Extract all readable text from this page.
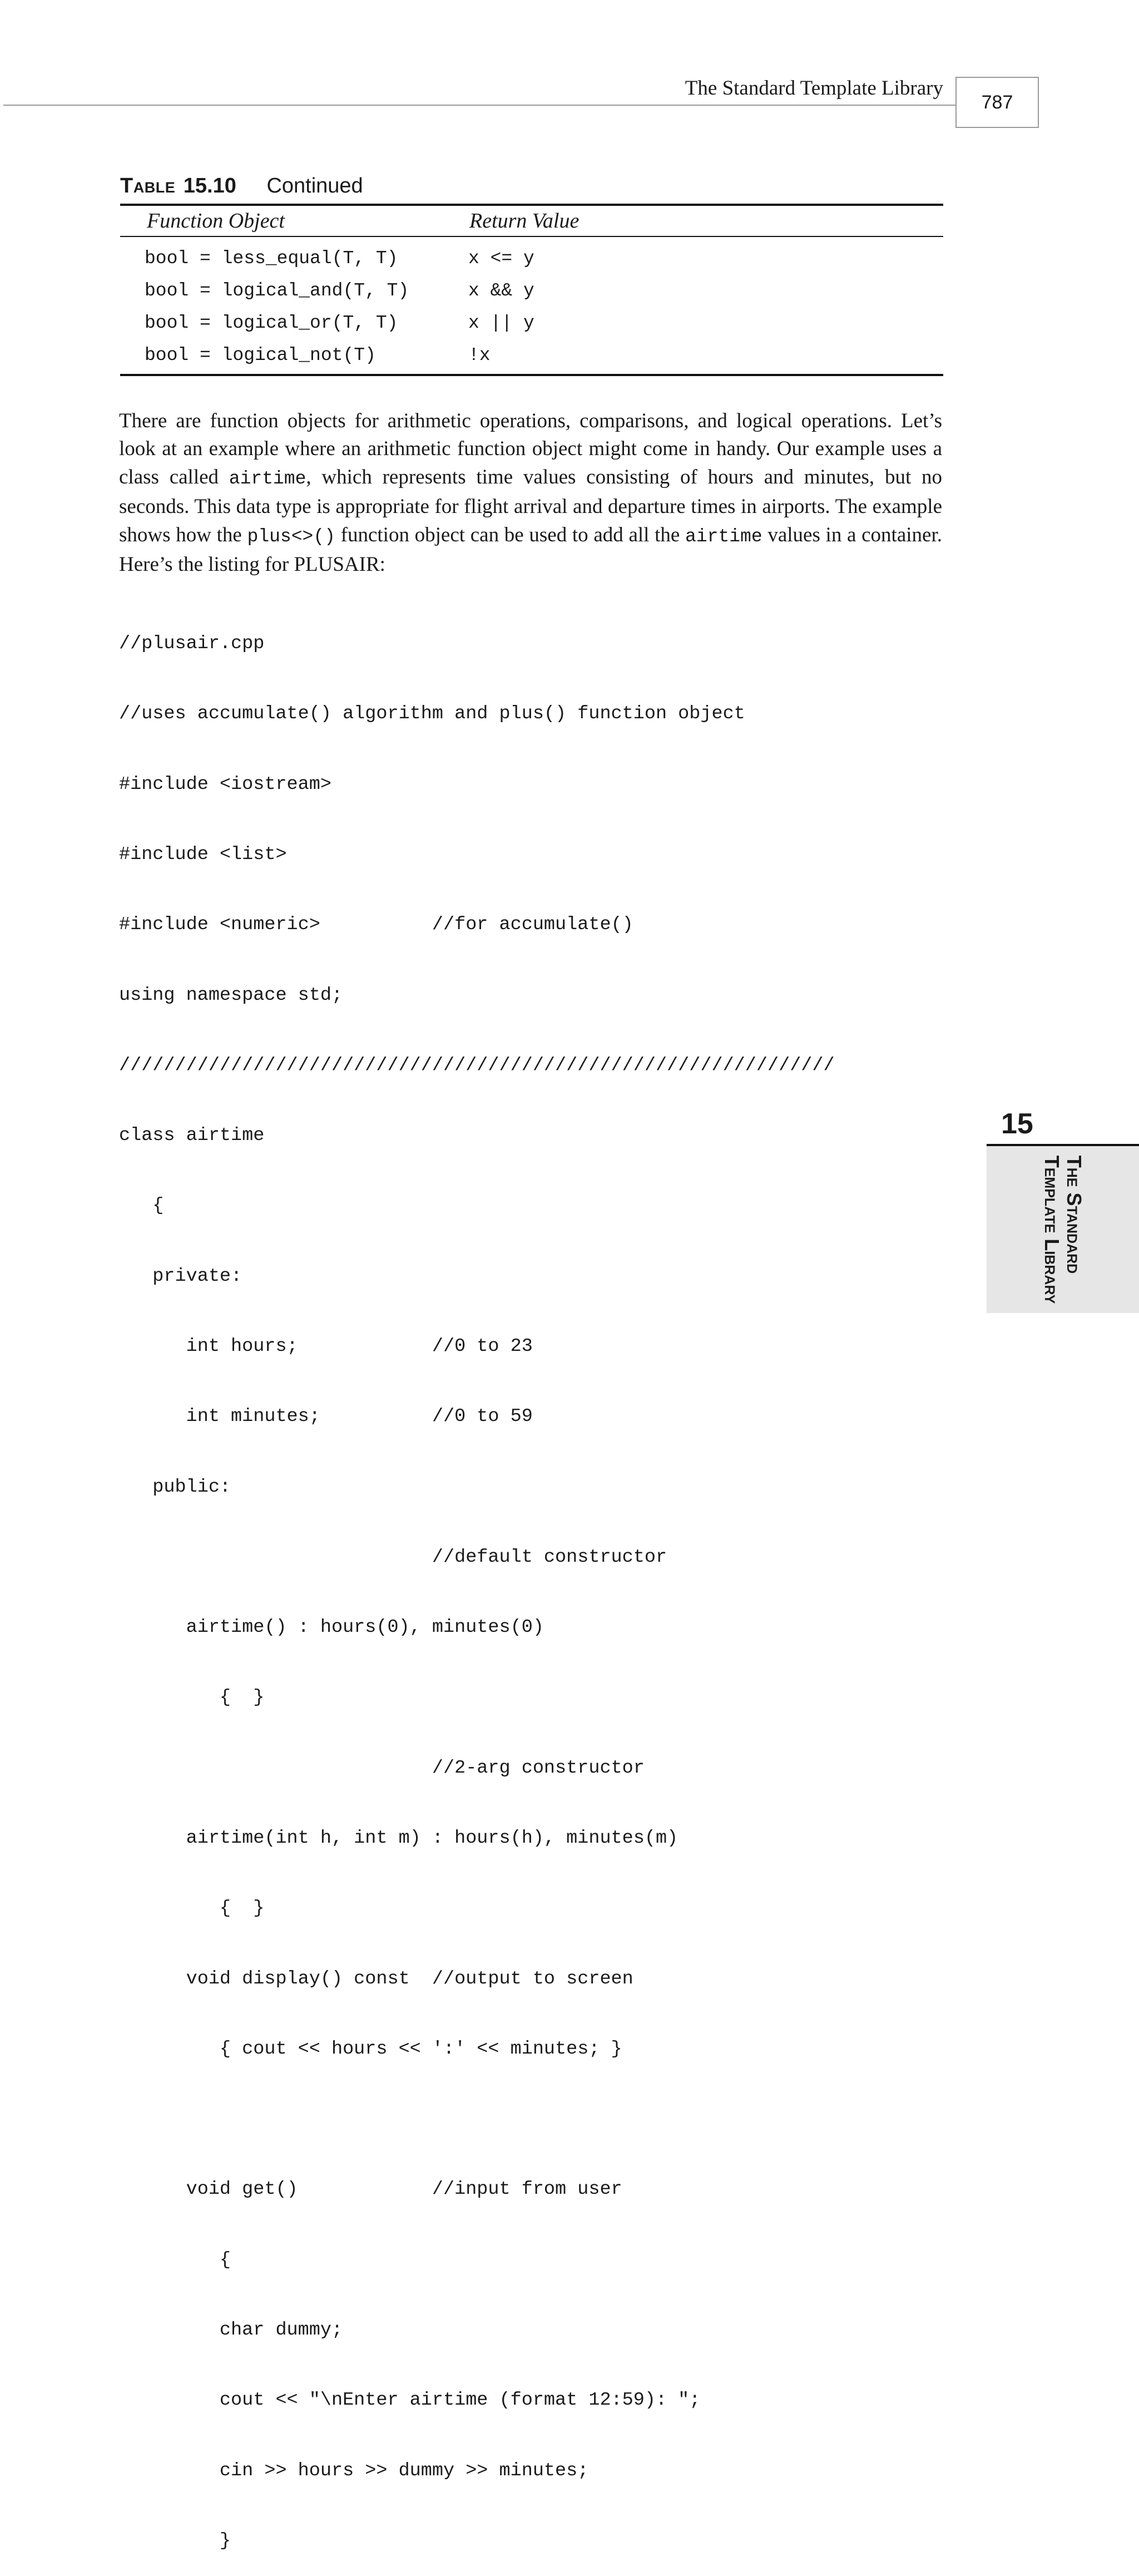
The Standard Template Library
787
Table 15.10 Continued
Function Object	Return Value
bool = less_equal(T, T)	x <= y
bool = logical_and(T, T)	x && y
bool = logical_or(T, T)	x || y
bool = logical_not(T)	!x
There are function objects for arithmetic operations, comparisons, and logical operations. Let’s look at an example where an arithmetic function object might come in handy. Our example uses a class called airtime, which represents time values consisting of hours and minutes, but no seconds. This data type is appropriate for flight arrival and departure times in airports. The example shows how the plus<>() function object can be used to add all the airtime values in a container. Here’s the listing for PLUSAIR:

//plusair.cpp

//uses accumulate() algorithm and plus() function object

#include <iostream>

#include <list>

#include <numeric>          //for accumulate()

using namespace std;

////////////////////////////////////////////////////////////////

class airtime

{

private:

int hours;            //0 to 23

int minutes;          //0 to 59

public:

//default constructor

airtime() : hours(0), minutes(0)

{  }

//2-arg constructor

airtime(int h, int m) : hours(h), minutes(m)

{  }

void display() const  //output to screen

{ cout << hours << ':' << minutes; }

void get()            //input from user

{

char dummy;

cout << "\nEnter airtime (format 12:59): ";

cin >> hours >> dummy >> minutes;

}

15
The Standard
Template Library
